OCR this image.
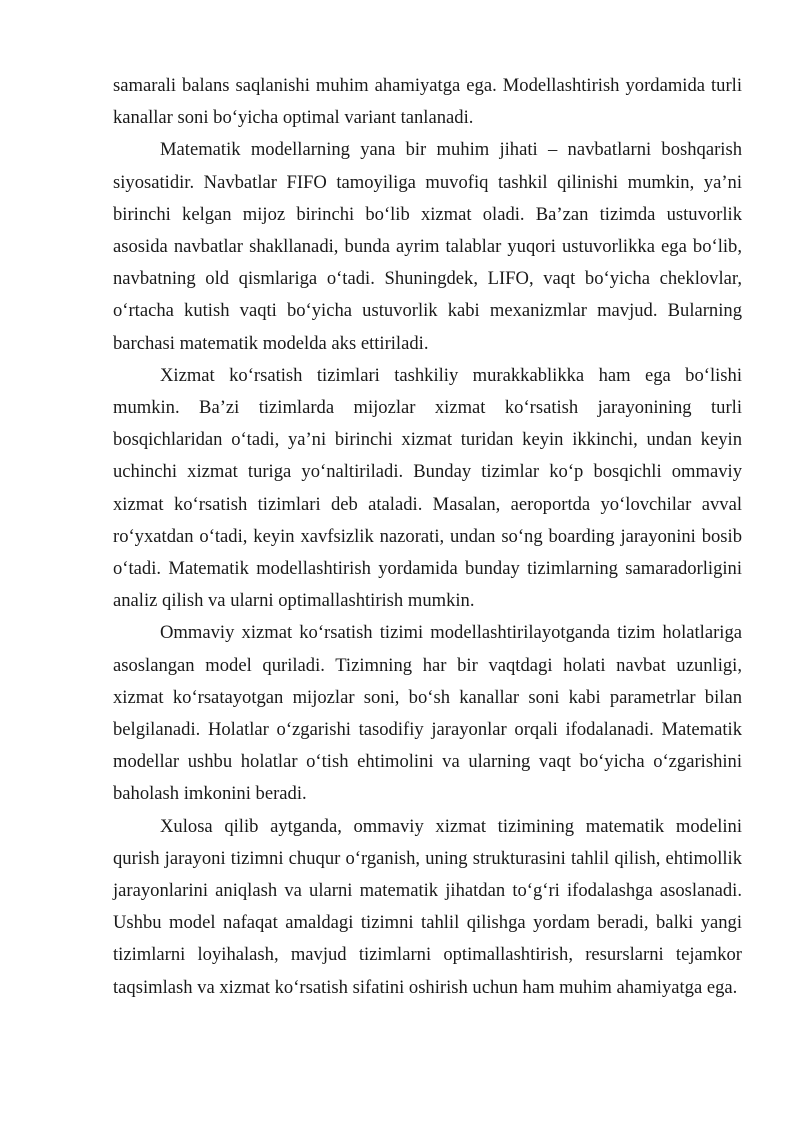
samarali balans saqlanishi muhim ahamiyatga ega. Modellashtirish yordamida turli kanallar soni bo‘yicha optimal variant tanlanadi.

Matematik modellarning yana bir muhim jihati – navbatlarni boshqarish siyosatidir. Navbatlar FIFO tamoyiliga muvofiq tashkil qilinishi mumkin, ya’ni birinchi kelgan mijoz birinchi bo‘lib xizmat oladi. Ba’zan tizimda ustuvorlik asosida navbatlar shakllanadi, bunda ayrim talablar yuqori ustuvorlikka ega bo‘lib, navbatning old qismlariga o‘tadi. Shuningdek, LIFO, vaqt bo‘yicha cheklovlar, o‘rtacha kutish vaqti bo‘yicha ustuvorlik kabi mexanizmlar mavjud. Bularning barchasi matematik modelda aks ettiriladi.

Xizmat ko‘rsatish tizimlari tashkiliy murakkablikka ham ega bo‘lishi mumkin. Ba’zi tizimlarda mijozlar xizmat ko‘rsatish jarayonining turli bosqichlaridan o‘tadi, ya’ni birinchi xizmat turidan keyin ikkinchi, undan keyin uchinchi xizmat turiga yo‘naltiriladi. Bunday tizimlar ko‘p bosqichli ommaviy xizmat ko‘rsatish tizimlari deb ataladi. Masalan, aeroportda yo‘lovchilar avval ro‘yxatdan o‘tadi, keyin xavfsizlik nazorati, undan so‘ng boarding jarayonini bosib o‘tadi. Matematik modellashtirish yordamida bunday tizimlarning samaradorligini analiz qilish va ularni optimallashtirish mumkin.

Ommaviy xizmat ko‘rsatish tizimi modellashtirilayotganda tizim holatlariga asoslangan model quriladi. Tizimning har bir vaqtdagi holati navbat uzunligi, xizmat ko‘rsatayotgan mijozlar soni, bo‘sh kanallar soni kabi parametrlar bilan belgilanadi. Holatlar o‘zgarishi tasodifiy jarayonlar orqali ifodalanadi. Matematik modellar ushbu holatlar o‘tish ehtimolini va ularning vaqt bo‘yicha o‘zgarishini baholash imkonini beradi.

Xulosa qilib aytganda, ommaviy xizmat tizimining matematik modelini qurish jarayoni tizimni chuqur o‘rganish, uning strukturasini tahlil qilish, ehtimollik jarayonlarini aniqlash va ularni matematik jihatdan to‘g‘ri ifodalashga asoslanadi. Ushbu model nafaqat amaldagi tizimni tahlil qilishga yordam beradi, balki yangi tizimlarni loyihalash, mavjud tizimlarni optimallashtirish, resurslarni tejamkor taqsimlash va xizmat ko‘rsatish sifatini oshirish uchun ham muhim ahamiyatga ega.
